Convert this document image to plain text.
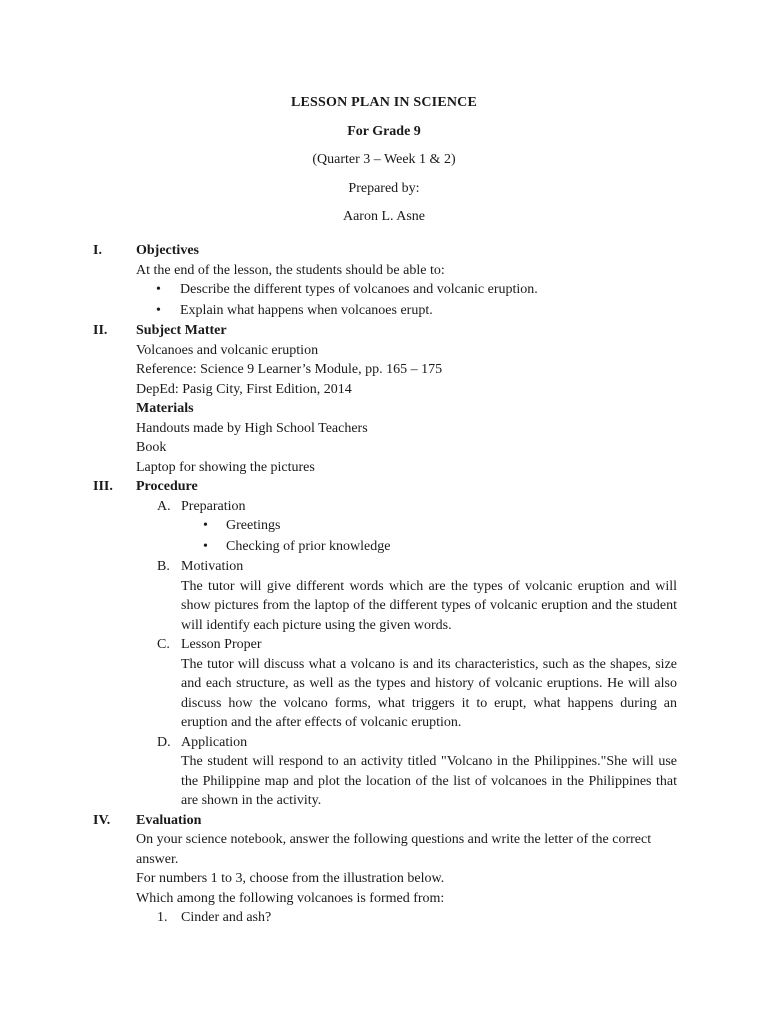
LESSON PLAN IN SCIENCE
For Grade 9
(Quarter 3 – Week 1 & 2)
Prepared by:
Aaron L. Asne
I.	Objectives
At the end of the lesson, the students should be able to:
• Describe the different types of volcanoes and volcanic eruption.
• Explain what happens when volcanoes erupt.
II.	Subject Matter
Volcanoes and volcanic eruption
Reference: Science 9 Learner’s Module, pp. 165 – 175
DepEd: Pasig City, First Edition, 2014
Materials
Handouts made by High School Teachers
Book
Laptop for showing the pictures
III.	Procedure
A. Preparation
• Greetings
• Checking of prior knowledge
B. Motivation
The tutor will give different words which are the types of volcanic eruption and will show pictures from the laptop of the different types of volcanic eruption and the student will identify each picture using the given words.
C. Lesson Proper
The tutor will discuss what a volcano is and its characteristics, such as the shapes, size and each structure, as well as the types and history of volcanic eruptions. He will also discuss how the volcano forms, what triggers it to erupt, what happens during an eruption and the after effects of volcanic eruption.
D. Application
The student will respond to an activity titled "Volcano in the Philippines."She will use the Philippine map and plot the location of the list of volcanoes in the Philippines that are shown in the activity.
IV.	Evaluation
On your science notebook, answer the following questions and write the letter of the correct answer.
For numbers 1 to 3, choose from the illustration below.
Which among the following volcanoes is formed from:
1. Cinder and ash?
